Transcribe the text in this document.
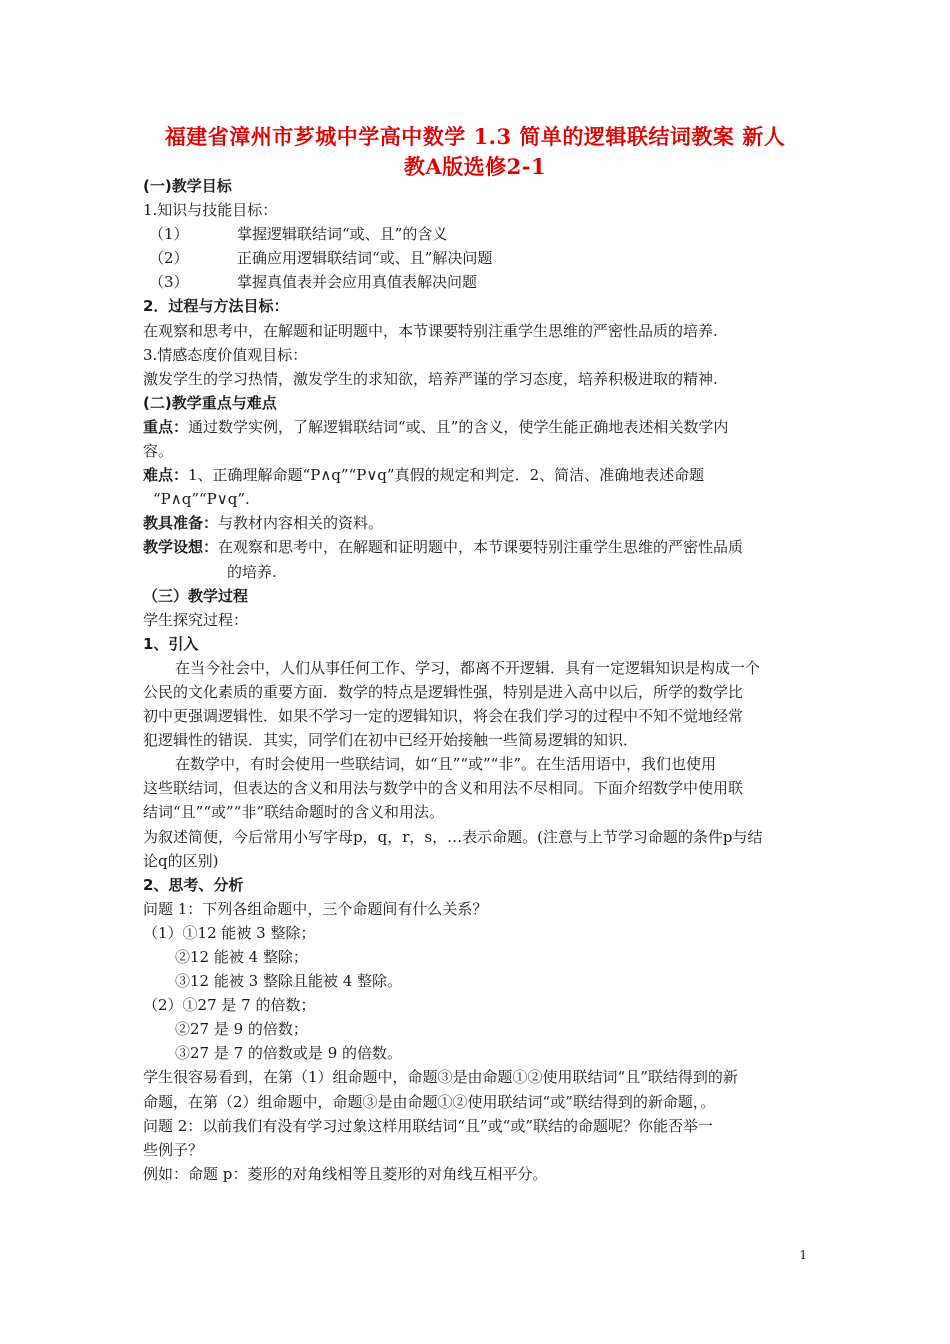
福建省漳州市芗城中学高中数学 1.3 简单的逻辑联结词教案 新人
教A版选修2-1
(一)教学目标
1.知识与技能目标：
（1）	掌握逻辑联结词“或、且”的含义
（2）	正确应用逻辑联结词“或、且”解决问题
（3）	掌握真值表并会应用真值表解决问题
2．过程与方法目标：
在观察和思考中，在解题和证明题中，本节课要特别注重学生思维的严密性品质的培养.
3.情感态度价值观目标：
激发学生的学习热情，激发学生的求知欲，培养严谨的学习态度，培养积极进取的精神.
(二)教学重点与难点
重点：通过数学实例，了解逻辑联结词“或、且”的含义，使学生能正确地表述相关数学内
容。
难点：1、正确理解命题“P∧q”“P∨q”真假的规定和判定．2、简洁、准确地表述命题
“P∧q”“P∨q”.
教具准备：与教材内容相关的资料。
教学设想：在观察和思考中，在解题和证明题中，本节课要特别注重学生思维的严密性品质
的培养.
（三）教学过程
学生探究过程：
1、引入
在当今社会中，人们从事任何工作、学习，都离不开逻辑．具有一定逻辑知识是构成一个
公民的文化素质的重要方面．数学的特点是逻辑性强，特别是进入高中以后，所学的数学比
初中更强调逻辑性．如果不学习一定的逻辑知识，将会在我们学习的过程中不知不觉地经常
犯逻辑性的错误．其实，同学们在初中已经开始接触一些简易逻辑的知识．
在数学中，有时会使用一些联结词，如“且”“或”“非”。在生活用语中，我们也使用
这些联结词，但表达的含义和用法与数学中的含义和用法不尽相同。下面介绍数学中使用联
结词“且”“或”“非”联结命题时的含义和用法。
为叙述简便，今后常用小写字母p，q，r，s，…表示命题。(注意与上节学习命题的条件p与结
论q的区别)
2、思考、分析
问题 1：下列各组命题中，三个命题间有什么关系？
（1）①12 能被 3 整除；
②12 能被 4 整除；
③12 能被 3 整除且能被 4 整除。
（2）①27 是 7 的倍数；
②27 是 9 的倍数；
③27 是 7 的倍数或是 9 的倍数。
学生很容易看到，在第（1）组命题中，命题③是由命题①②使用联结词“且”联结得到的新
命题，在第（2）组命题中，命题③是由命题①②使用联结词“或”联结得到的新命题，。
问题 2：以前我们有没有学习过象这样用联结词“且”或“或”联结的命题呢？你能否举一
些例子？
例如：命题 p：菱形的对角线相等且菱形的对角线互相平分。
1
